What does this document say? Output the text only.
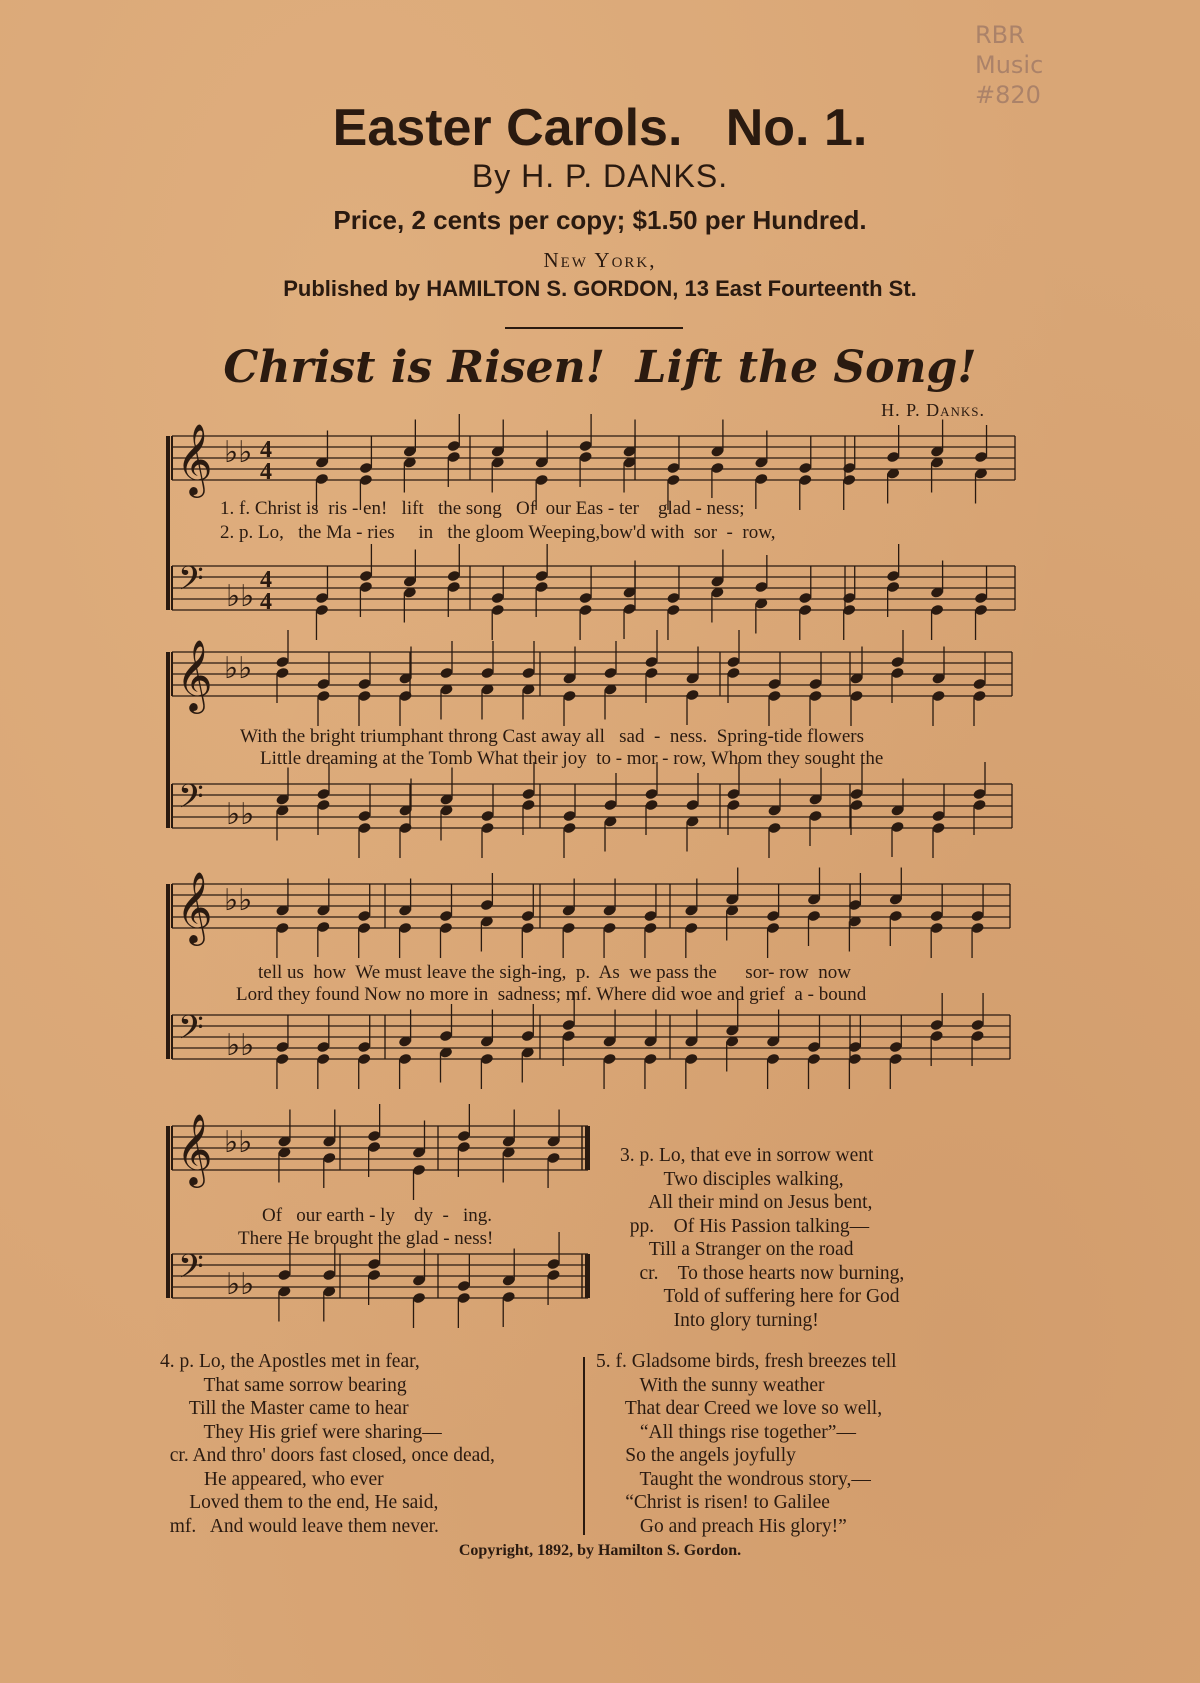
RBR
Music
#820
Easter Carols.   No. 1.
By H. P. DANKS.
Price, 2 cents per copy; $1.50 per Hundred.
New York,
Published by HAMILTON S. GORDON, 13 East Fourteenth St.
Christ is Risen!  Lift the Song!
H. P. Danks.
𝄞 ♭♭
𝄢 ♭♭
4
4
4
4
𝄞 ♭♭
𝄢 ♭♭
𝄞 ♭♭
𝄢 ♭♭
𝄞 ♭♭
𝄢 ♭♭
1. f. Christ is  ris - en!   lift   the song   Of  our Eas - ter    glad - ness;
2. p. Lo,   the Ma - ries     in   the gloom Weeping,bow'd with  sor  -  row,
With the bright triumphant throng Cast away all   sad  -  ness.  Spring-tide flowers
Little dreaming at the Tomb What their joy  to - mor - row, Whom they sought the
tell us  how  We must leave the sigh-ing,  p.  As  we pass the      sor- row  now
Lord they found Now no more in  sadness; mf. Where did woe and grief  a - bound
Of   our earth - ly    dy  -   ing.
There He brought the glad - ness!
3. p. Lo, that eve in sorrow went
Two disciples walking,
All their mind on Jesus bent,
pp.    Of His Passion talking—
Till a Stranger on the road
cr.    To those hearts now burning,
Told of suffering here for God
Into glory turning!
4. p. Lo, the Apostles met in fear,
That same sorrow bearing
Till the Master came to hear
They His grief were sharing—
cr. And thro' doors fast closed, once dead,
He appeared, who ever
Loved them to the end, He said,
mf.   And would leave them never.
5. f. Gladsome birds, fresh breezes tell
With the sunny weather
That dear Creed we love so well,
“All things rise together”—
So the angels joyfully
Taught the wondrous story,—
“Christ is risen! to Galilee
Go and preach His glory!”
Copyright, 1892, by Hamilton S. Gordon.
